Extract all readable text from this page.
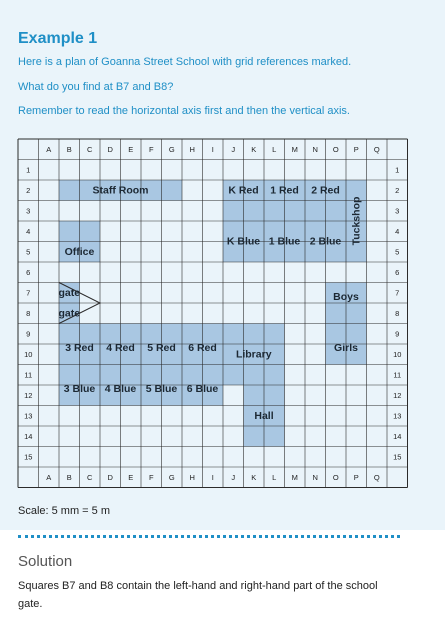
Example 1

Here is a plan of Goanna Street School with grid references marked.

What do you find at B7 and B8?

Remember to read the horizontal axis first and then the vertical axis.

A
A
B
B
C
C
D
D
E
E
F
F
G
G
H
H
I
I
J
J
K
K
L
L
M
M
N
N
O
O
P
P
Q
Q
1	1
2	2
3	3
4	4
5	5
6	6
7	7
8	8
9	9
10	10
11	11
12	12
13	13
14	14
15	15
Staff Room
Office
gate
gate
K Red 1 Red 2 Red
K Blue 1 Blue 2 Blue Tuckshop
Boys
Girls
3 Red 4 Red 5 Red 6 Red
3 Blue 4 Blue 5 Blue 6 Blue
Library
Hall

Scale: 5 mm = 5 m

Solution

Squares B7 and B8 contain the left-hand and right-hand part of the school gate.
